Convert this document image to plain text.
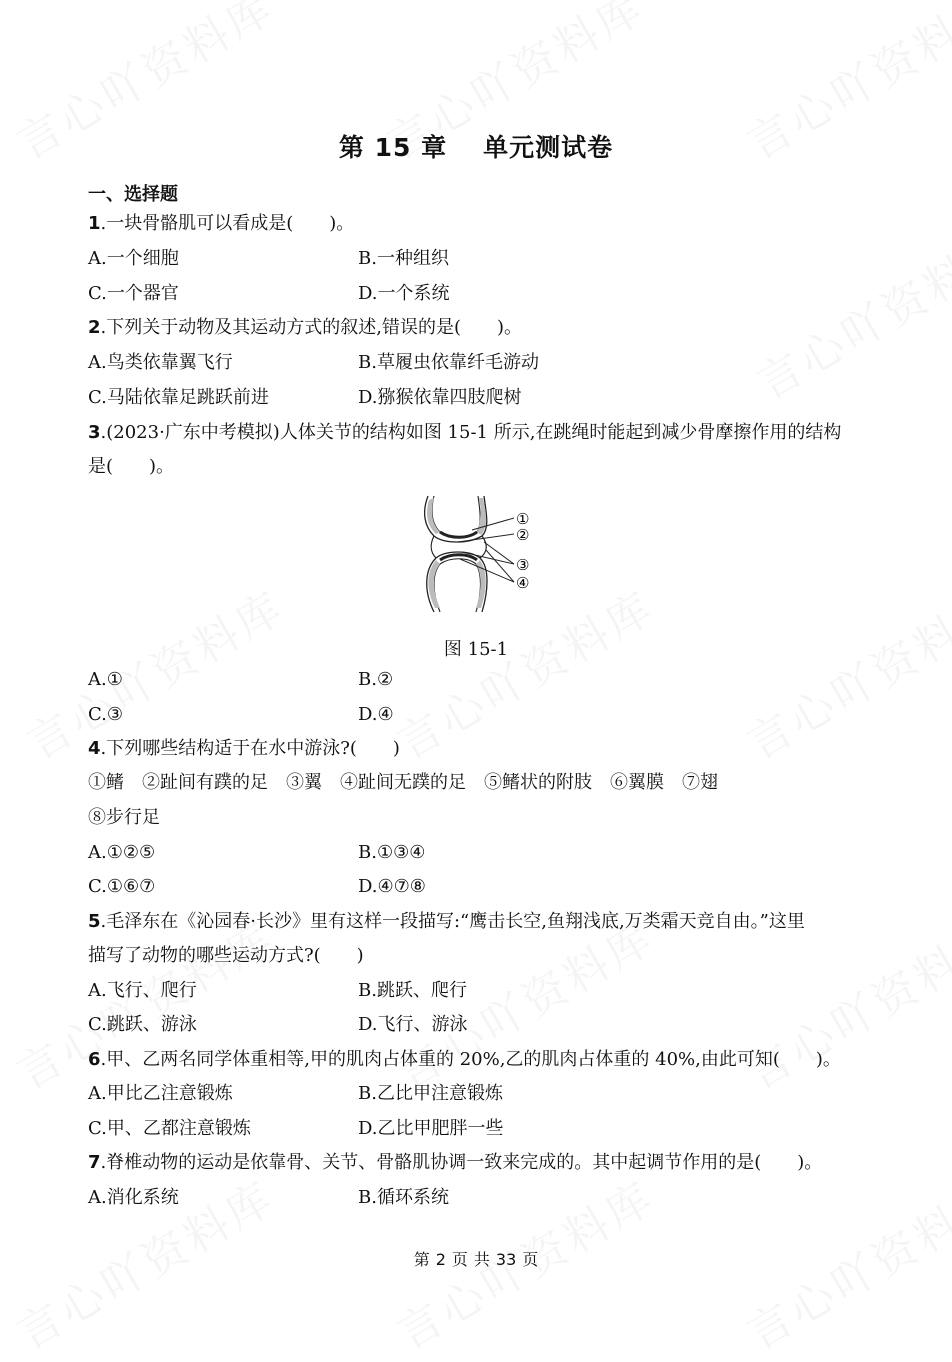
第 15 章 单元测试卷
一、选择题
1.一块骨骼肌可以看成是(　　)。
A.一个细胞	B.一种组织
C.一个器官	D.一个系统
2.下列关于动物及其运动方式的叙述,错误的是(　　)。
A.鸟类依靠翼飞行	B.草履虫依靠纤毛游动
C.马陆依靠足跳跃前进	D.猕猴依靠四肢爬树
3.(2023·广东中考模拟)人体关节的结构如图 15-1 所示,在跳绳时能起到减少骨摩擦作用的结构
是(　　)。
①
②
③
④
图 15-1
A.①	B.②
C.③	D.④
4.下列哪些结构适于在水中游泳?(　　)
①鳍　②趾间有蹼的足　③翼　④趾间无蹼的足　⑤鳍状的附肢　⑥翼膜　⑦翅
⑧步行足
A.①②⑤	B.①③④
C.①⑥⑦	D.④⑦⑧
5.毛泽东在《沁园春·长沙》里有这样一段描写:“鹰击长空,鱼翔浅底,万类霜天竞自由。”这里
描写了动物的哪些运动方式?(　　)
A.飞行、爬行	B.跳跃、爬行
C.跳跃、游泳	D.飞行、游泳
6.甲、乙两名同学体重相等,甲的肌肉占体重的 20%,乙的肌肉占体重的 40%,由此可知(　　)。
A.甲比乙注意锻炼	B.乙比甲注意锻炼
C.甲、乙都注意锻炼	D.乙比甲肥胖一些
7.脊椎动物的运动是依靠骨、关节、骨骼肌协调一致来完成的。其中起调节作用的是(　　)。
A.消化系统	B.循环系统
第 2 页 共 33 页
